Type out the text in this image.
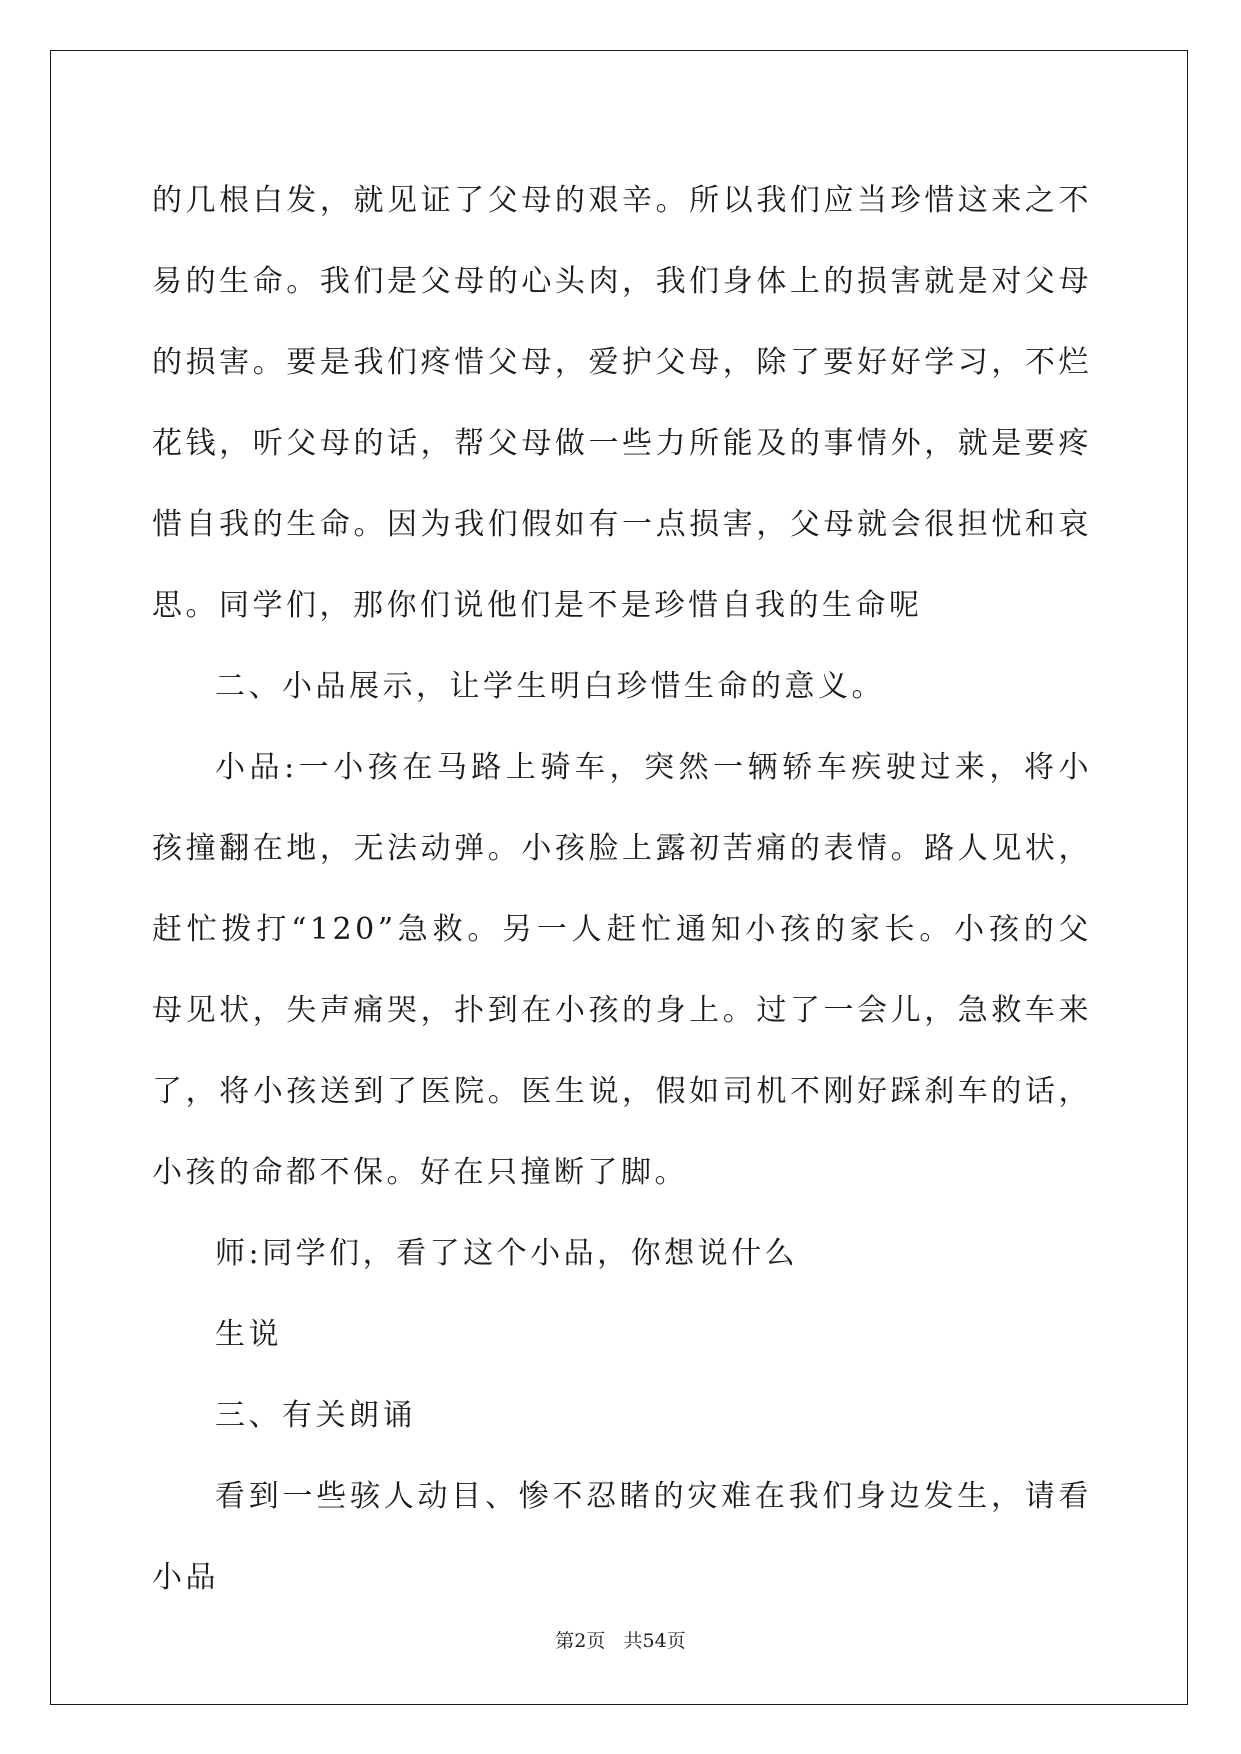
的几根白发，就见证了父母的艰辛。所以我们应当珍惜这来之不易的生命。我们是父母的心头肉，我们身体上的损害就是对父母的损害。要是我们疼惜父母，爱护父母，除了要好好学习，不烂花钱，听父母的话，帮父母做一些力所能及的事情外，就是要疼惜自我的生命。因为我们假如有一点损害，父母就会很担忧和哀思。同学们，那你们说他们是不是珍惜自我的生命呢

二、小品展示，让学生明白珍惜生命的意义。

小品:一小孩在马路上骑车，突然一辆轿车疾驶过来，将小孩撞翻在地，无法动弹。小孩脸上露初苦痛的表情。路人见状，赶忙拨打“120”急救。另一人赶忙通知小孩的家长。小孩的父母见状，失声痛哭，扑到在小孩的身上。过了一会儿，急救车来了，将小孩送到了医院。医生说，假如司机不刚好踩刹车的话，小孩的命都不保。好在只撞断了脚。

师:同学们，看了这个小品，你想说什么

生说

三、有关朗诵

看到一些骇人动目、惨不忍睹的灾难在我们身边发生，请看小品

第2页 共54页
